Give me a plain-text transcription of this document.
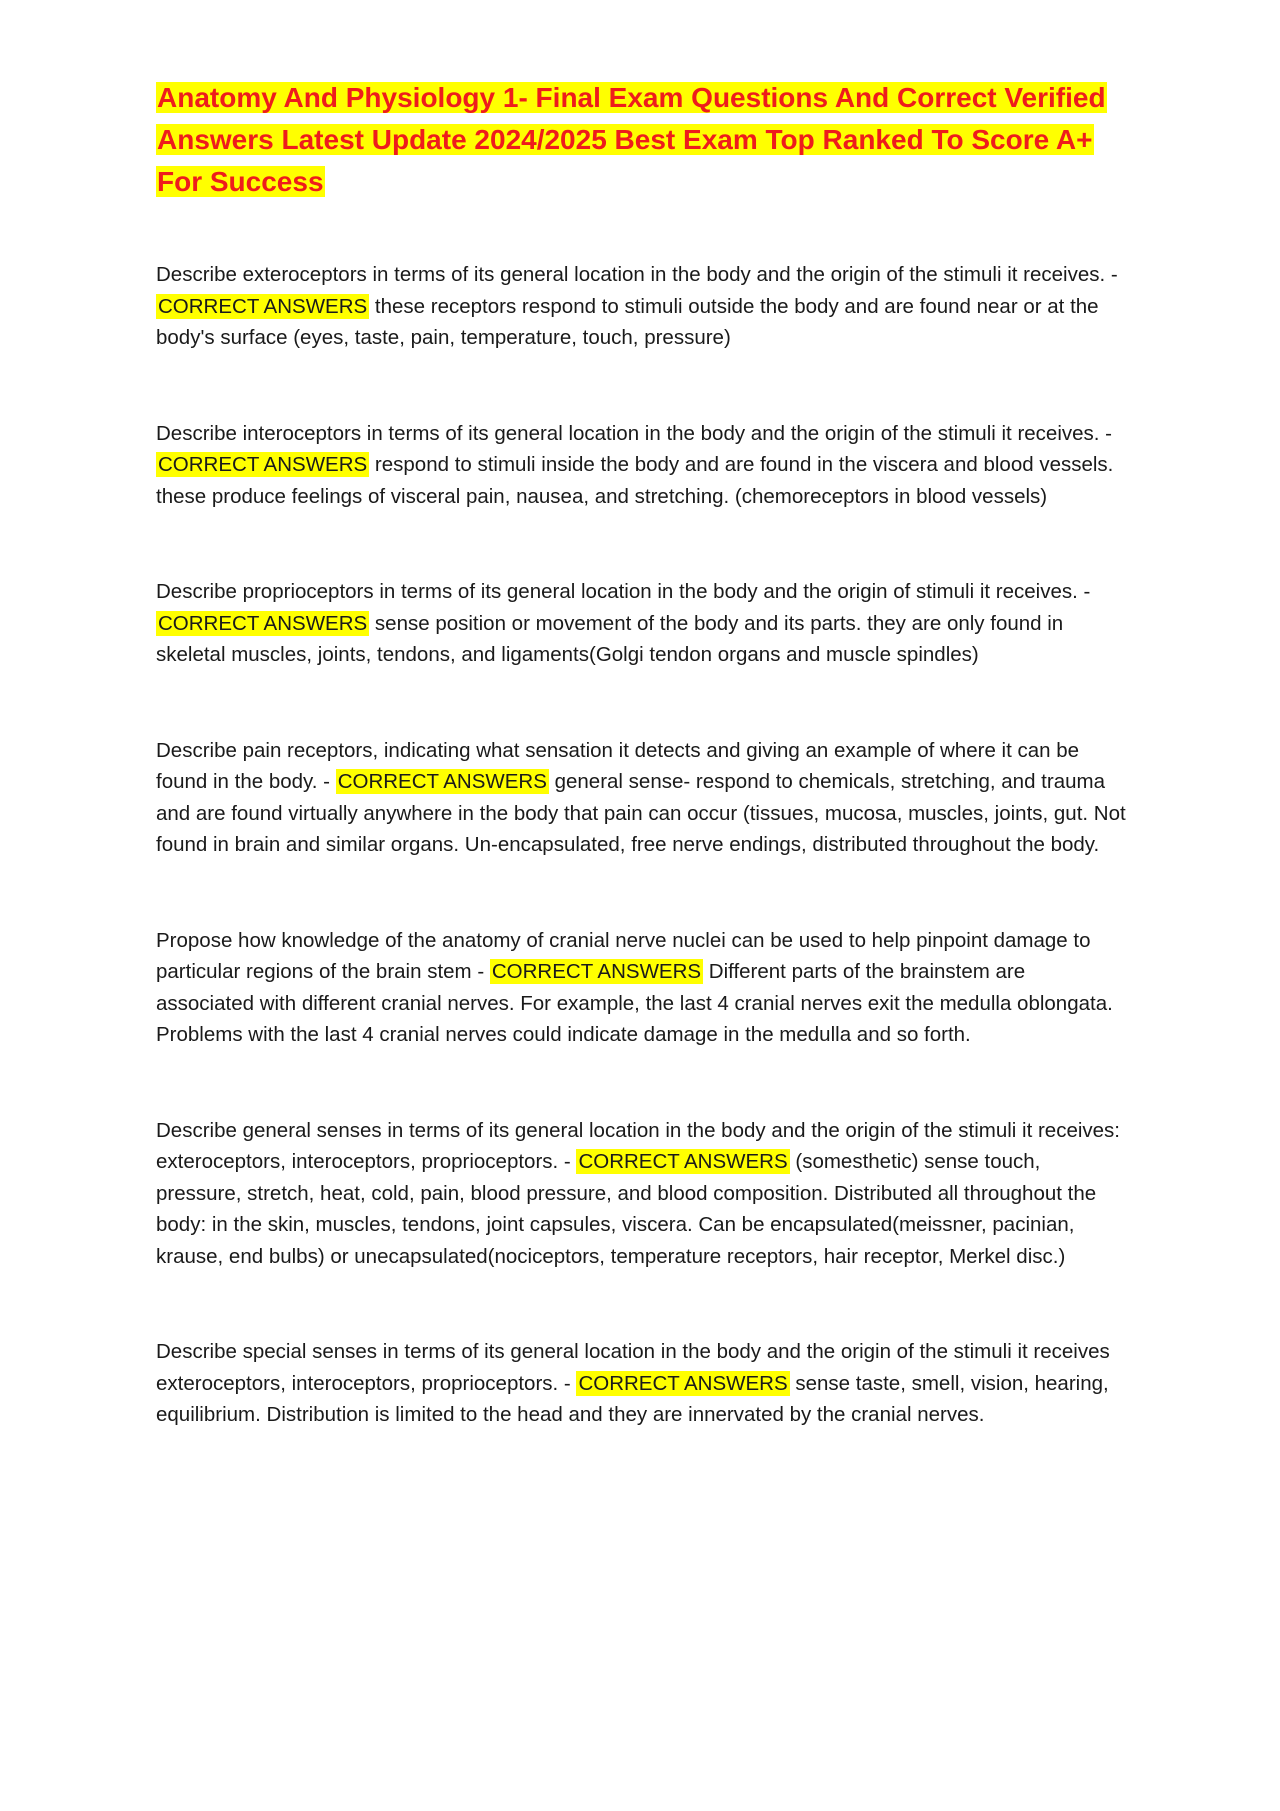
Anatomy And Physiology 1- Final Exam Questions And Correct Verified Answers Latest Update 2024/2025 Best Exam Top Ranked To Score A+ For Success

Describe exteroceptors in terms of its general location in the body and the origin of the stimuli it receives. - CORRECT ANSWERS these receptors respond to stimuli outside the body and are found near or at the body's surface (eyes, taste, pain, temperature, touch, pressure)

Describe interoceptors in terms of its general location in the body and the origin of the stimuli it receives. - CORRECT ANSWERS respond to stimuli inside the body and are found in the viscera and blood vessels. these produce feelings of visceral pain, nausea, and stretching. (chemoreceptors in blood vessels)

Describe proprioceptors in terms of its general location in the body and the origin of stimuli it receives. - CORRECT ANSWERS sense position or movement of the body and its parts. they are only found in skeletal muscles, joints, tendons, and ligaments(Golgi tendon organs and muscle spindles)

Describe pain receptors, indicating what sensation it detects and giving an example of where it can be found in the body. - CORRECT ANSWERS general sense- respond to chemicals, stretching, and trauma and are found virtually anywhere in the body that pain can occur (tissues, mucosa, muscles, joints, gut. Not found in brain and similar organs. Un-encapsulated, free nerve endings, distributed throughout the body.

Propose how knowledge of the anatomy of cranial nerve nuclei can be used to help pinpoint damage to particular regions of the brain stem - CORRECT ANSWERS Different parts of the brainstem are associated with different cranial nerves. For example, the last 4 cranial nerves exit the medulla oblongata. Problems with the last 4 cranial nerves could indicate damage in the medulla and so forth.

Describe general senses in terms of its general location in the body and the origin of the stimuli it receives: exteroceptors, interoceptors, proprioceptors. - CORRECT ANSWERS (somesthetic) sense touch, pressure, stretch, heat, cold, pain, blood pressure, and blood composition. Distributed all throughout the body: in the skin, muscles, tendons, joint capsules, viscera. Can be encapsulated(meissner, pacinian, krause, end bulbs) or unecapsulated(nociceptors, temperature receptors, hair receptor, Merkel disc.)

Describe special senses in terms of its general location in the body and the origin of the stimuli it receives exteroceptors, interoceptors, proprioceptors. - CORRECT ANSWERS sense taste, smell, vision, hearing, equilibrium. Distribution is limited to the head and they are innervated by the cranial nerves.
